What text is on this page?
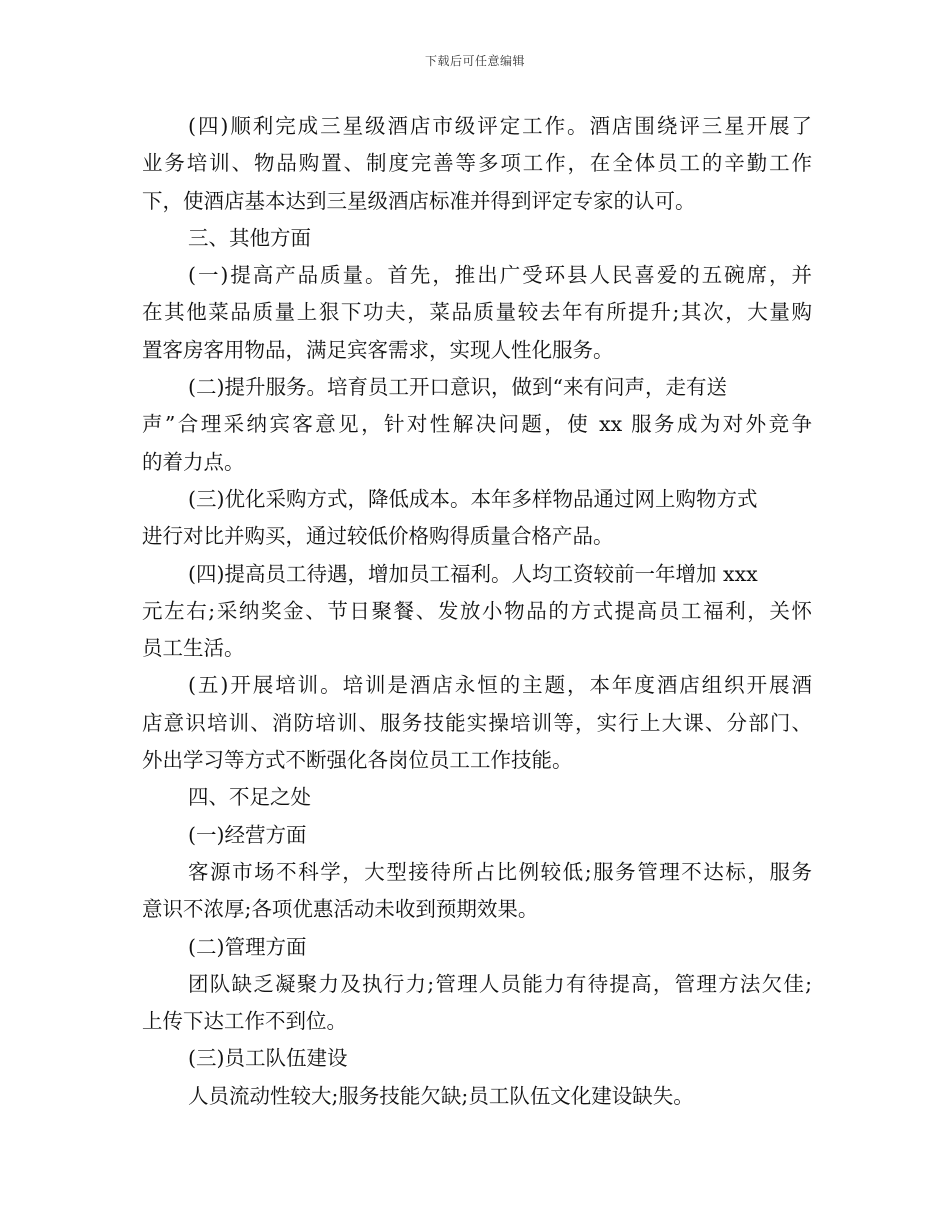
下载后可任意编辑
(四)顺利完成三星级酒店市级评定工作。酒店围绕评三星开展了
业务培训、物品购置、制度完善等多项工作，在全体员工的辛勤工作
下，使酒店基本达到三星级酒店标准并得到评定专家的认可。
三、其他方面
(一)提高产品质量。首先，推出广受环县人民喜爱的五碗席，并
在其他菜品质量上狠下功夫，菜品质量较去年有所提升;其次，大量购
置客房客用物品，满足宾客需求，实现人性化服务。
(二)提升服务。培育员工开口意识，做到“来有问声，走有送
声”合理采纳宾客意见，针对性解决问题，使 xx 服务成为对外竞争
的着力点。
(三)优化采购方式，降低成本。本年多样物品通过网上购物方式
进行对比并购买，通过较低价格购得质量合格产品。
(四)提高员工待遇，增加员工福利。人均工资较前一年增加 xxx
元左右;采纳奖金、节日聚餐、发放小物品的方式提高员工福利，关怀
员工生活。
(五)开展培训。培训是酒店永恒的主题，本年度酒店组织开展酒
店意识培训、消防培训、服务技能实操培训等，实行上大课、分部门、
外出学习等方式不断强化各岗位员工工作技能。
四、不足之处
(一)经营方面
客源市场不科学，大型接待所占比例较低;服务管理不达标，服务
意识不浓厚;各项优惠活动未收到预期效果。
(二)管理方面
团队缺乏凝聚力及执行力;管理人员能力有待提高，管理方法欠佳;
上传下达工作不到位。
(三)员工队伍建设
人员流动性较大;服务技能欠缺;员工队伍文化建设缺失。
